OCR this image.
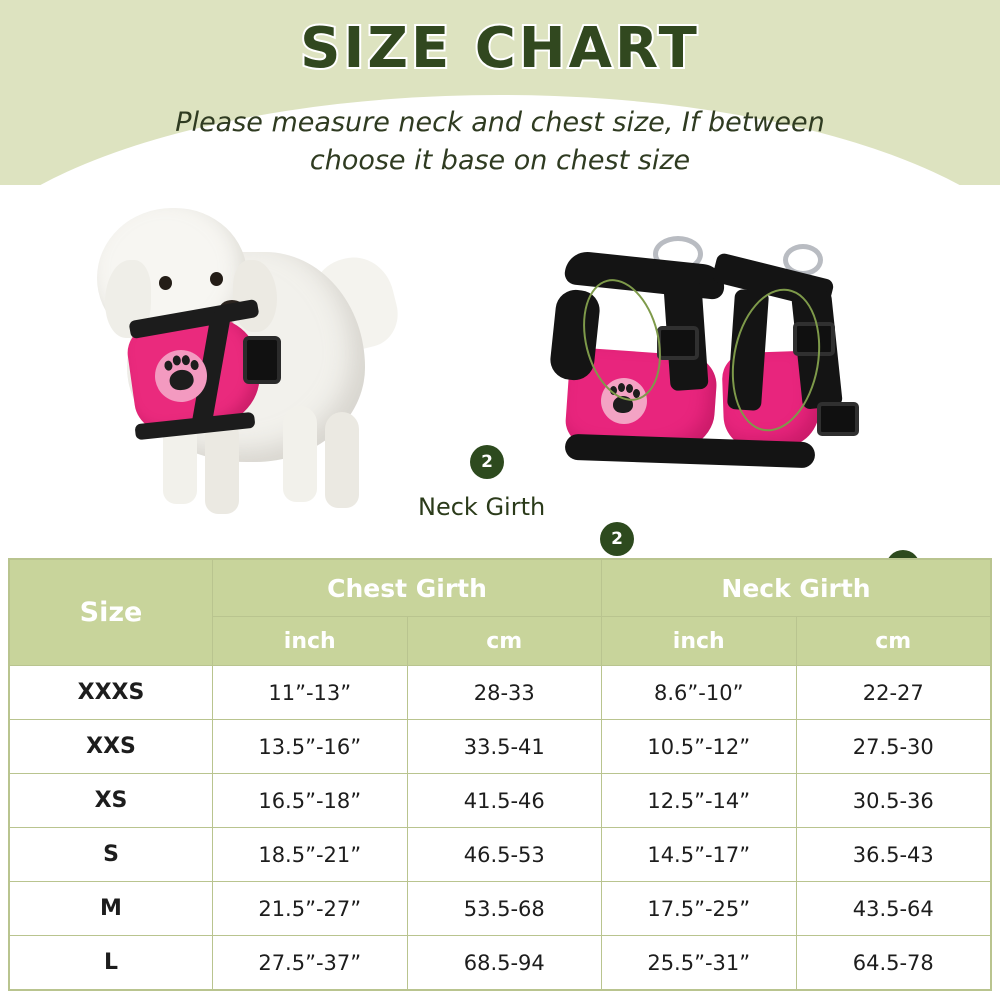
SIZE CHART
Please measure neck and chest size, If between
choose it base on chest size
2
Neck Girth
2
Size	Chest Girth		Neck Girth	
	inch	cm	inch	cm
XXXS	11”-13”	28-33	8.6”-10”	22-27
XXS	13.5”-16”	33.5-41	10.5”-12”	27.5-30
XS	16.5”-18”	41.5-46	12.5”-14”	30.5-36
S	18.5”-21”	46.5-53	14.5”-17”	36.5-43
M	21.5”-27”	53.5-68	17.5”-25”	43.5-64
L	27.5”-37”	68.5-94	25.5”-31”	64.5-78
